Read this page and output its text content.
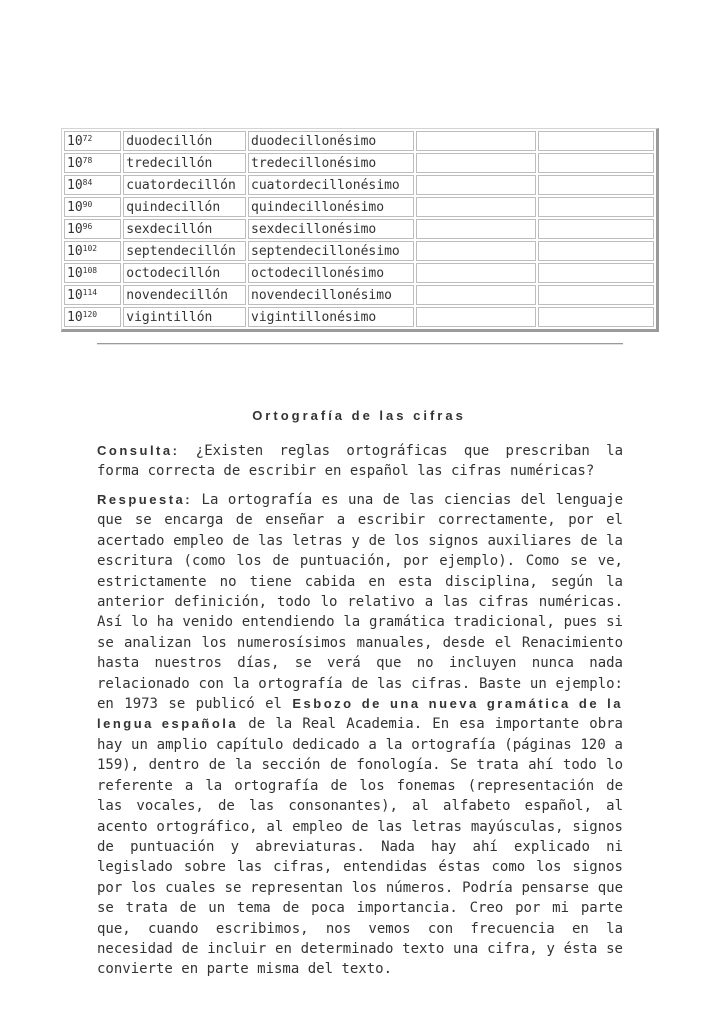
$10^{72}$	duodecillón	duodecillonésimo		
$10^{78}$	tredecillón	tredecillonésimo		
$10^{84}$	cuatordecillón	cuatordecillonésimo		
$10^{90}$	quindecillón	quindecillonésimo		
$10^{96}$	sexdecillón	sexdecillonésimo		
$10^{102}$	septendecillón	septendecillonésimo		
$10^{108}$	octodecillón	octodecillonésimo		
$10^{114}$	novendecillón	novendecillonésimo		
$10^{120}$	vigintillón	vigintillonésimo		
Ortografía de las cifras
Consulta: ¿Existen reglas ortográficas que prescriban la forma correcta de escribir en español las cifras numéricas?
Respuesta: La ortografía es una de las ciencias del lenguaje que se encarga de enseñar a escribir correctamente, por el acertado empleo de las letras y de los signos auxiliares de la escritura (como los de puntuación, por ejemplo). Como se ve, estrictamente no tiene cabida en esta disciplina, según la anterior definición, todo lo relativo a las cifras numéricas. Así lo ha venido entendiendo la gramática tradicional, pues si se analizan los numerosísimos manuales, desde el Renacimiento hasta nuestros días, se verá que no incluyen nunca nada relacionado con la ortografía de las cifras. Baste un ejemplo: en 1973 se publicó el Esbozo de una nueva gramática de la lengua española de la Real Academia. En esa importante obra hay un amplio capítulo dedicado a la ortografía (páginas 120 a 159), dentro de la sección de fonología. Se trata ahí todo lo referente a la ortografía de los fonemas (representación de las vocales, de las consonantes), al alfabeto español, al acento ortográfico, al empleo de las letras mayúsculas, signos de puntuación y abreviaturas. Nada hay ahí explicado ni legislado sobre las cifras, entendidas éstas como los signos por los cuales se representan los números. Podría pensarse que se trata de un tema de poca importancia. Creo por mi parte que, cuando escribimos, nos vemos con frecuencia en la necesidad de incluir en determinado texto una cifra, y ésta se convierte en parte misma del texto.
